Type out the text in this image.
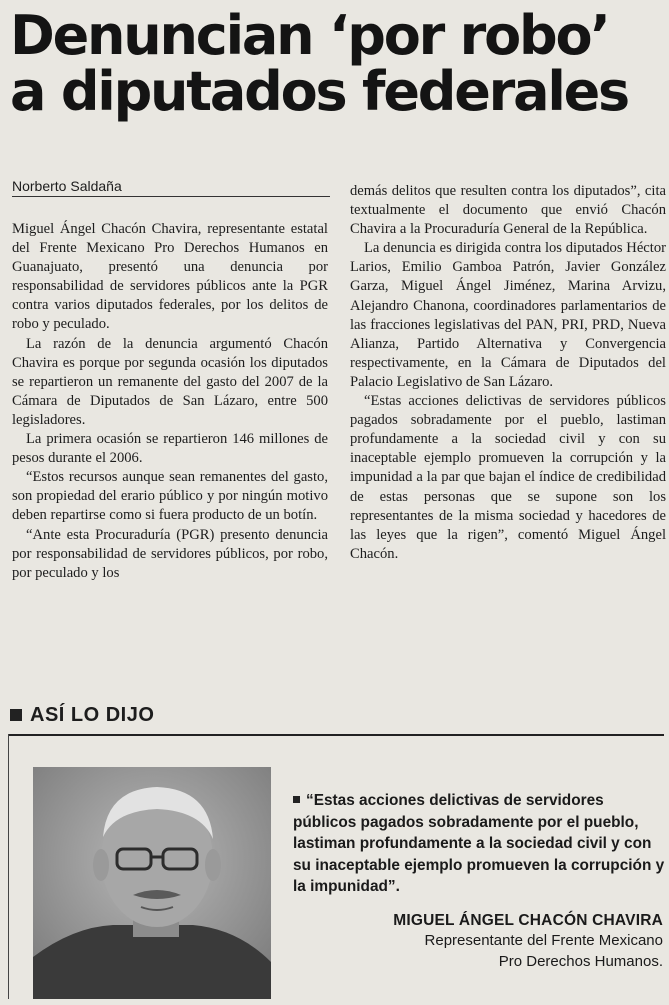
Denuncian ‘por robo’
a diputados federales
Norberto Saldaña

Miguel Ángel Chacón Chavira, representante estatal del Frente Mexicano Pro Derechos Humanos en Guanajuato, presentó una denuncia por responsabilidad de servidores públicos ante la PGR contra varios diputados federales, por los delitos de robo y peculado.

La razón de la denuncia argumentó Chacón Chavira es porque por segunda ocasión los diputados se repartieron un remanente del gasto del 2007 de la Cámara de Diputados de San Lázaro, entre 500 legisladores.

La primera ocasión se repartieron 146 millones de pesos durante el 2006.

“Estos recursos aunque sean remanentes del gasto, son propiedad del erario público y por ningún motivo deben repartirse como si fuera producto de un botín.

“Ante esta Procuraduría (PGR) presento denuncia por responsabilidad de servidores públicos, por robo, por peculado y los

demás delitos que resulten contra los diputados”, cita textualmente el documento que envió Chacón Chavira a la Procuraduría General de la República.

La denuncia es dirigida contra los diputados Héctor Larios, Emilio Gamboa Patrón, Javier González Garza, Miguel Ángel Jiménez, Marina Arvizu, Alejandro Chanona, coordinadores parlamentarios de las fracciones legislativas del PAN, PRI, PRD, Nueva Alianza, Partido Alternativa y Convergencia respectivamente, en la Cámara de Diputados del Palacio Legislativo de San Lázaro.

“Estas acciones delictivas de servidores públicos pagados sobradamente por el pueblo, lastiman profundamente a la sociedad civil y con su inaceptable ejemplo promueven la corrupción y la impunidad a la par que bajan el índice de credibilidad de estas personas que se supone son los representantes de la misma sociedad y hacedores de las leyes que la rigen”, comentó Miguel Ángel Chacón.

ASÍ LO DIJO
“Estas acciones delictivas de servidores públicos pagados sobradamente por el pueblo, lastiman profundamente a la sociedad civil y con su inaceptable ejemplo promueven la corrupción y la impunidad”.
MIGUEL ÁNGEL CHACÓN CHAVIRA
Representante del Frente Mexicano
Pro Derechos Humanos.
